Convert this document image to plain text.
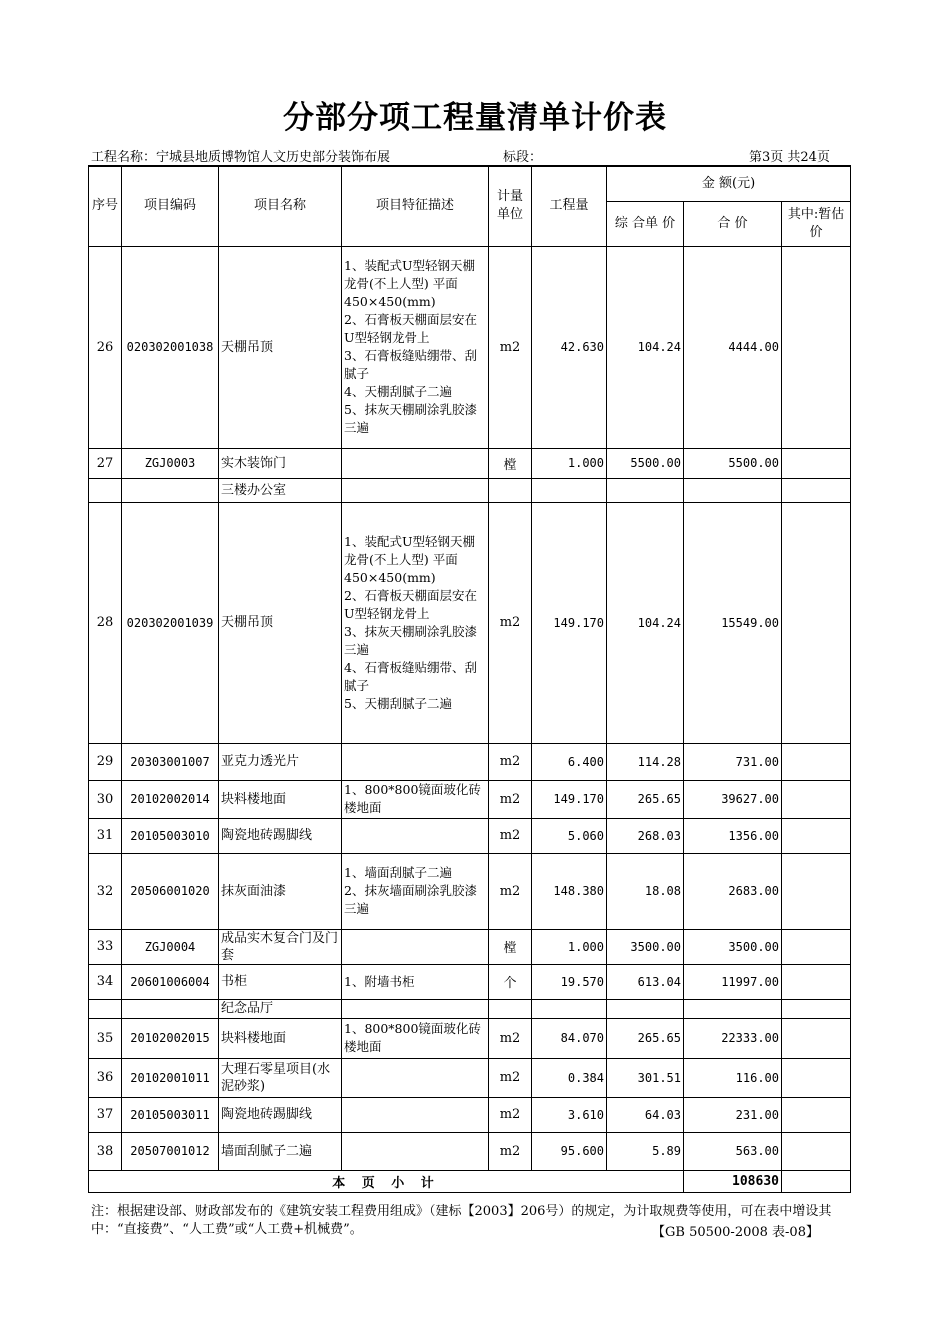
分部分项工程量清单计价表
工程名称：宁城县地质博物馆人文历史部分装饰布展	标段：	第3页 共24页
序号	项目编码	项目名称	项目特征描述	计量单位	工程量	金 额(元)		
						综 合单 价	合 价	其中:暂估价
26	020302001038	天棚吊顶	1、装配式U型轻钢天棚龙骨(不上人型) 平面450×450(mm)
2、石膏板天棚面层安在U型轻钢龙骨上
3、石膏板缝贴绷带、刮腻子
4、天棚刮腻子二遍
5、抹灰天棚刷涂乳胶漆三遍	m2	42.630	104.24	4444.00	
27	ZGJ0003	实木装饰门		樘	1.000	5500.00	5500.00	
		三楼办公室						
28	020302001039	天棚吊顶	1、装配式U型轻钢天棚龙骨(不上人型) 平面450×450(mm)
2、石膏板天棚面层安在U型轻钢龙骨上
3、抹灰天棚刷涂乳胶漆三遍
4、石膏板缝贴绷带、刮腻子
5、天棚刮腻子二遍	m2	149.170	104.24	15549.00	
29	20303001007	亚克力透光片		m2	6.400	114.28	731.00	
30	20102002014	块料楼地面	1、800*800镜面玻化砖楼地面	m2	149.170	265.65	39627.00	
31	20105003010	陶瓷地砖踢脚线		m2	5.060	268.03	1356.00	
32	20506001020	抹灰面油漆	1、墙面刮腻子二遍
2、抹灰墙面刷涂乳胶漆三遍	m2	148.380	18.08	2683.00	
33	ZGJ0004	成品实木复合门及门套		樘	1.000	3500.00	3500.00	
34	20601006004	书柜	1、附墙书柜	个	19.570	613.04	11997.00	
		纪念品厅						
35	20102002015	块料楼地面	1、800*800镜面玻化砖楼地面	m2	84.070	265.65	22333.00	
36	20102001011	大理石零星项目(水泥砂浆)		m2	0.384	301.51	116.00	
37	20105003011	陶瓷地砖踢脚线		m2	3.610	64.03	231.00	
38	20507001012	墙面刮腻子二遍		m2	95.600	5.89	563.00	
本 页 小 计							108630	
注：根据建设部、财政部发布的《建筑安装工程费用组成》（建标【2003】206号）的规定，为计取规费等使用，可在表中增设其中：“直接费”、“人工费”或“人工费+机械费”。	【GB 50500-2008 表-08】
